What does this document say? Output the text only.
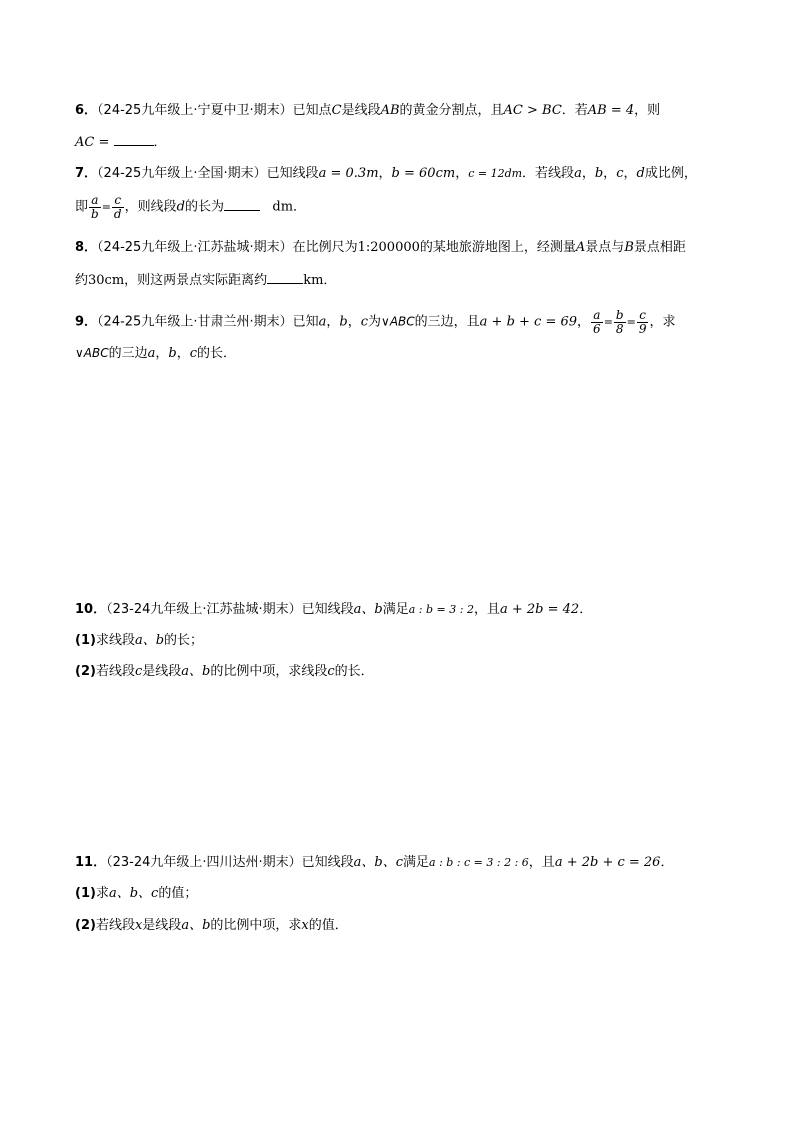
6．（24-25九年级上·宁夏中卫·期末）已知点C是线段AB的黄金分割点，且AC > BC．若AB = 4，则
AC =	．
7．（24-25九年级上·全国·期末）已知线段a = 0.3m，b = 60cm，c = 12dm．若线段a，b，c，d成比例，
即 $\frac{a}{b} = \frac{c}{d}$ ，则线段d的长为	dm．
8．（24-25九年级上·江苏盐城·期末）在比例尺为1:200000的某地旅游地图上，经测量A景点与B景点相距
约30cm，则这两景点实际距离约	km．
9．（24-25九年级上·甘肃兰州·期末）已知a，b，c为∨ABC的三边，且a + b + c = 69， $\frac{a}{6} = \frac{b}{8} = \frac{c}{9}$ ，求
∨ABC的三边a，b，c的长．
10．（23-24九年级上·江苏盐城·期末）已知线段a、b满足a : b = 3 : 2，且a + 2b = 42．
(1)求线段a、b的长；
(2)若线段c是线段a、b的比例中项，求线段c的长．
11．（23-24九年级上·四川达州·期末）已知线段a、b、c满足a : b : c = 3 : 2 : 6，且a + 2b + c = 26．
(1)求a、b、c的值；
(2)若线段x是线段a、b的比例中项，求x的值．
